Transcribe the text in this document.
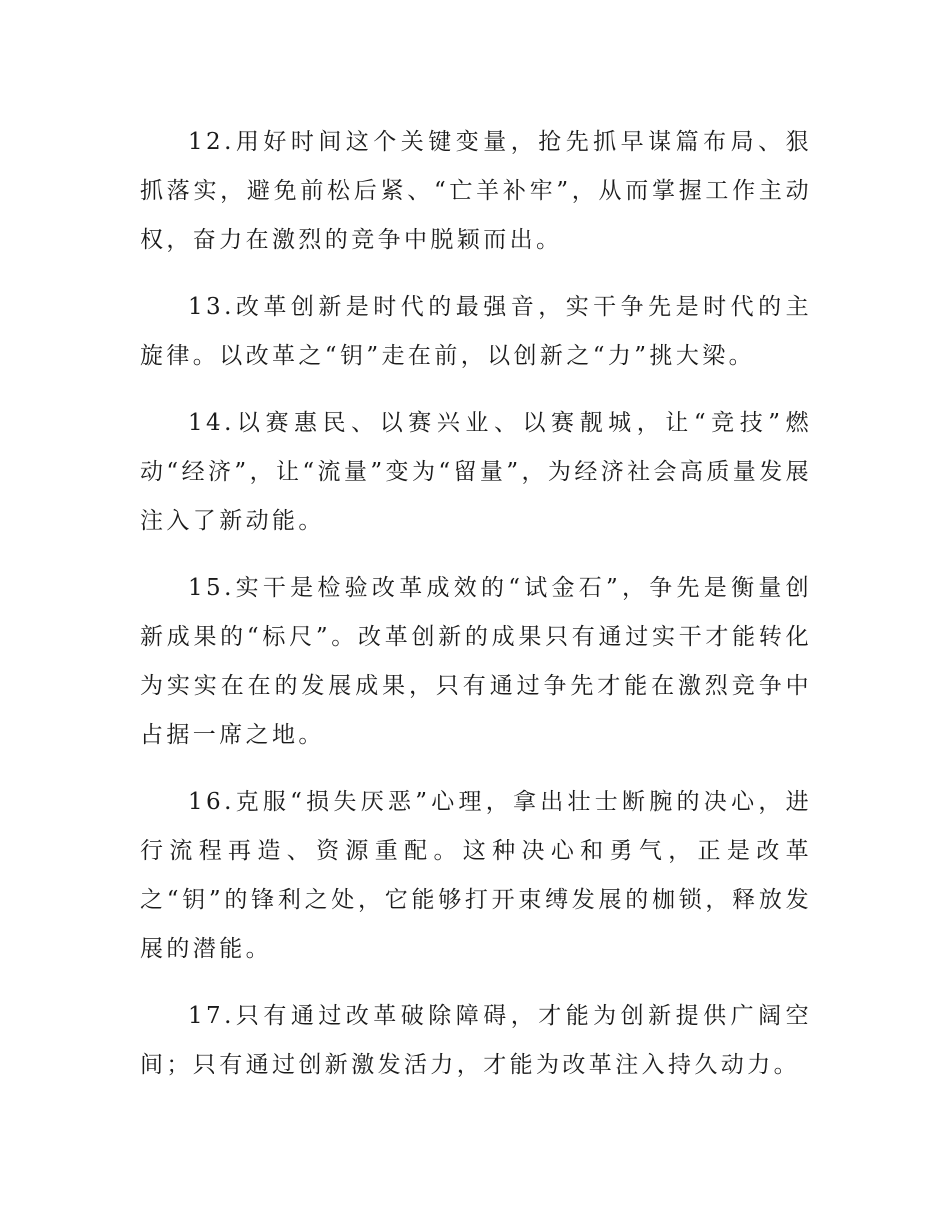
12.用好时间这个关键变量，抢先抓早谋篇布局、狠抓落实，避免前松后紧、“亡羊补牢”，从而掌握工作主动权，奋力在激烈的竞争中脱颖而出。

13.改革创新是时代的最强音，实干争先是时代的主旋律。以改革之“钥”走在前，以创新之“力”挑大梁。

14.以赛惠民、以赛兴业、以赛靓城，让“竞技”燃动“经济”，让“流量”变为“留量”，为经济社会高质量发展注入了新动能。

15.实干是检验改革成效的“试金石”，争先是衡量创新成果的“标尺”。改革创新的成果只有通过实干才能转化为实实在在的发展成果，只有通过争先才能在激烈竞争中占据一席之地。

16.克服“损失厌恶”心理，拿出壮士断腕的决心，进行流程再造、资源重配。这种决心和勇气，正是改革之“钥”的锋利之处，它能够打开束缚发展的枷锁，释放发展的潜能。

17.只有通过改革破除障碍，才能为创新提供广阔空间；只有通过创新激发活力，才能为改革注入持久动力。
